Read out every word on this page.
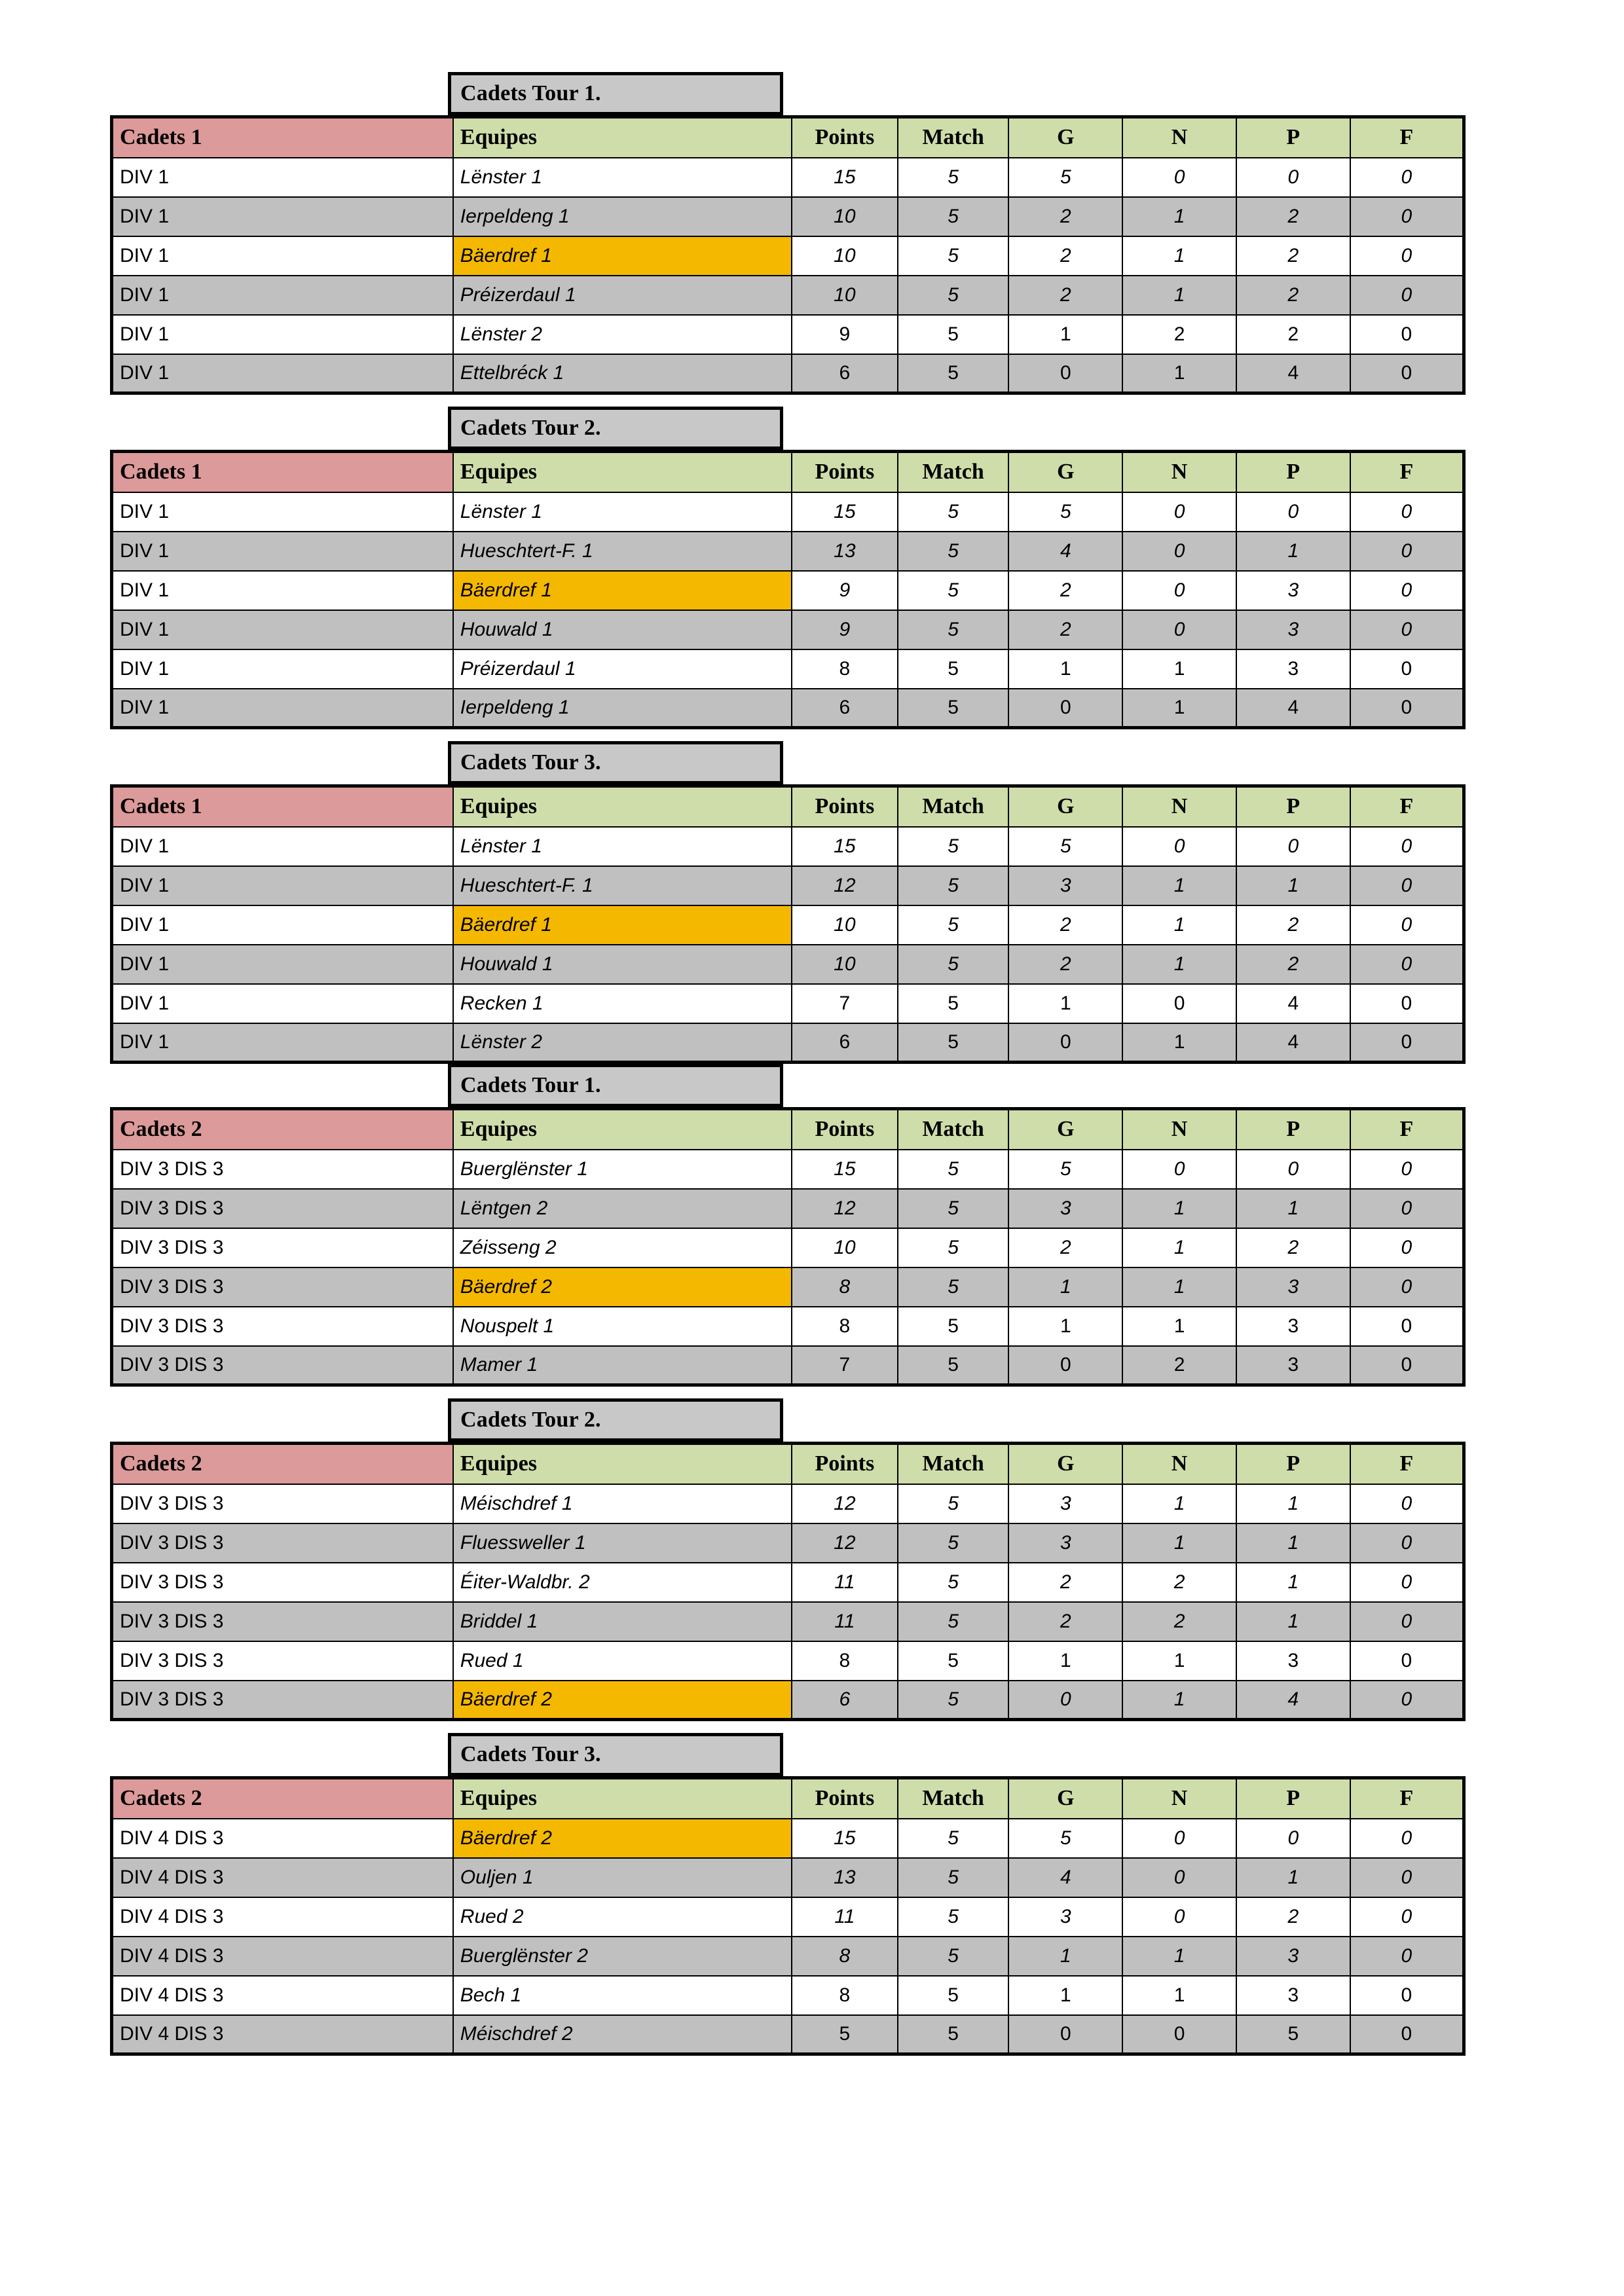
Cadets Tour 1.
Cadets 1	Equipes	Points	Match	G	N	P	F
DIV 1	Lënster 1	15	5	5	0	0	0
DIV 1	Ierpeldeng 1	10	5	2	1	2	0
DIV 1	Bäerdref 1	10	5	2	1	2	0
DIV 1	Préizerdaul 1	10	5	2	1	2	0
DIV 1	Lënster 2	9	5	1	2	2	0
DIV 1	Ettelbréck 1	6	5	0	1	4	0
Cadets Tour 2.
Cadets 1	Equipes	Points	Match	G	N	P	F
DIV 1	Lënster 1	15	5	5	0	0	0
DIV 1	Hueschtert-F. 1	13	5	4	0	1	0
DIV 1	Bäerdref 1	9	5	2	0	3	0
DIV 1	Houwald 1	9	5	2	0	3	0
DIV 1	Préizerdaul 1	8	5	1	1	3	0
DIV 1	Ierpeldeng 1	6	5	0	1	4	0
Cadets Tour 3.
Cadets 1	Equipes	Points	Match	G	N	P	F
DIV 1	Lënster 1	15	5	5	0	0	0
DIV 1	Hueschtert-F. 1	12	5	3	1	1	0
DIV 1	Bäerdref 1	10	5	2	1	2	0
DIV 1	Houwald 1	10	5	2	1	2	0
DIV 1	Recken 1	7	5	1	0	4	0
DIV 1	Lënster 2	6	5	0	1	4	0
Cadets Tour 1.
Cadets 2	Equipes	Points	Match	G	N	P	F
DIV 3 DIS 3	Buerglënster 1	15	5	5	0	0	0
DIV 3 DIS 3	Lëntgen 2	12	5	3	1	1	0
DIV 3 DIS 3	Zéisseng 2	10	5	2	1	2	0
DIV 3 DIS 3	Bäerdref 2	8	5	1	1	3	0
DIV 3 DIS 3	Nouspelt 1	8	5	1	1	3	0
DIV 3 DIS 3	Mamer 1	7	5	0	2	3	0
Cadets Tour 2.
Cadets 2	Equipes	Points	Match	G	N	P	F
DIV 3 DIS 3	Méischdref 1	12	5	3	1	1	0
DIV 3 DIS 3	Fluessweller 1	12	5	3	1	1	0
DIV 3 DIS 3	Éiter-Waldbr. 2	11	5	2	2	1	0
DIV 3 DIS 3	Briddel 1	11	5	2	2	1	0
DIV 3 DIS 3	Rued 1	8	5	1	1	3	0
DIV 3 DIS 3	Bäerdref 2	6	5	0	1	4	0
Cadets Tour 3.
Cadets 2	Equipes	Points	Match	G	N	P	F
DIV 4 DIS 3	Bäerdref 2	15	5	5	0	0	0
DIV 4 DIS 3	Ouljen 1	13	5	4	0	1	0
DIV 4 DIS 3	Rued 2	11	5	3	0	2	0
DIV 4 DIS 3	Buerglënster 2	8	5	1	1	3	0
DIV 4 DIS 3	Bech 1	8	5	1	1	3	0
DIV 4 DIS 3	Méischdref 2	5	5	0	0	5	0
